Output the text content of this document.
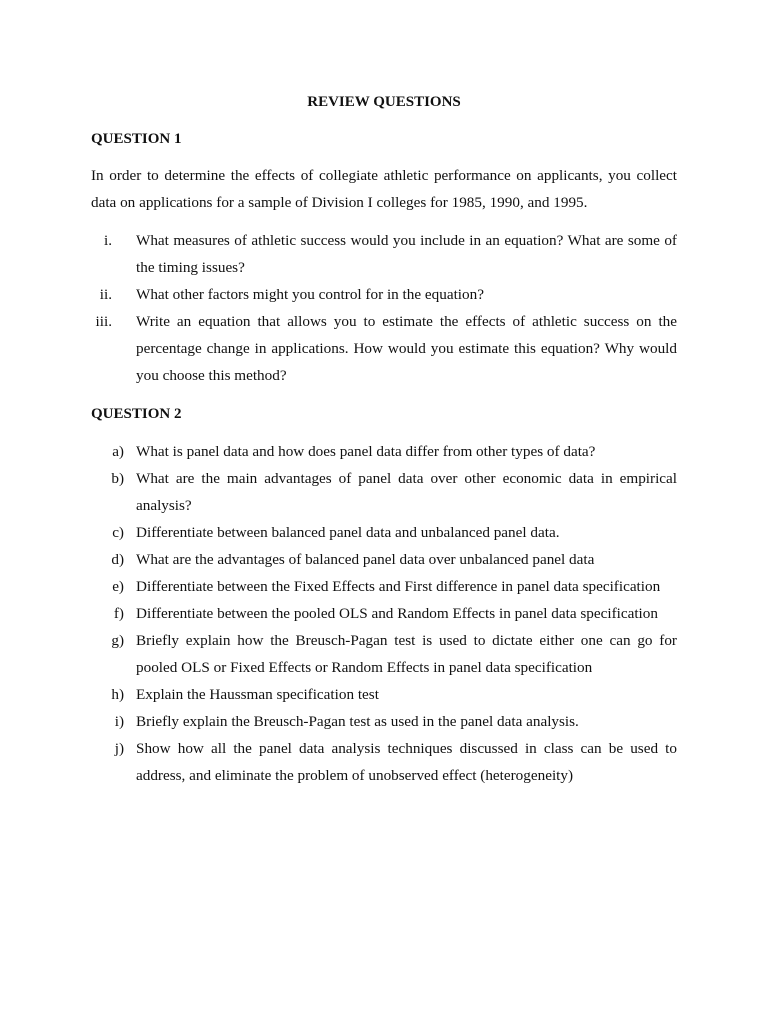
REVIEW QUESTIONS
QUESTION 1
In order to determine the effects of collegiate athletic performance on applicants, you collect data on applications for a sample of Division I colleges for 1985, 1990, and 1995.
i. What measures of athletic success would you include in an equation? What are some of the timing issues?
ii. What other factors might you control for in the equation?
iii. Write an equation that allows you to estimate the effects of athletic success on the percentage change in applications. How would you estimate this equation? Why would you choose this method?
QUESTION 2
a) What is panel data and how does panel data differ from other types of data?
b) What are the main advantages of panel data over other economic data in empirical analysis?
c) Differentiate between balanced panel data and unbalanced panel data.
d) What are the advantages of balanced panel data over unbalanced panel data
e) Differentiate between the Fixed Effects and First difference in panel data specification
f) Differentiate between the pooled OLS and Random Effects in panel data specification
g) Briefly explain how the Breusch-Pagan test is used to dictate either one can go for pooled OLS or Fixed Effects or Random Effects in panel data specification
h) Explain the Haussman specification test
i) Briefly explain the Breusch-Pagan test as used in the panel data analysis.
j) Show how all the panel data analysis techniques discussed in class can be used to address, and eliminate the problem of unobserved effect (heterogeneity)
